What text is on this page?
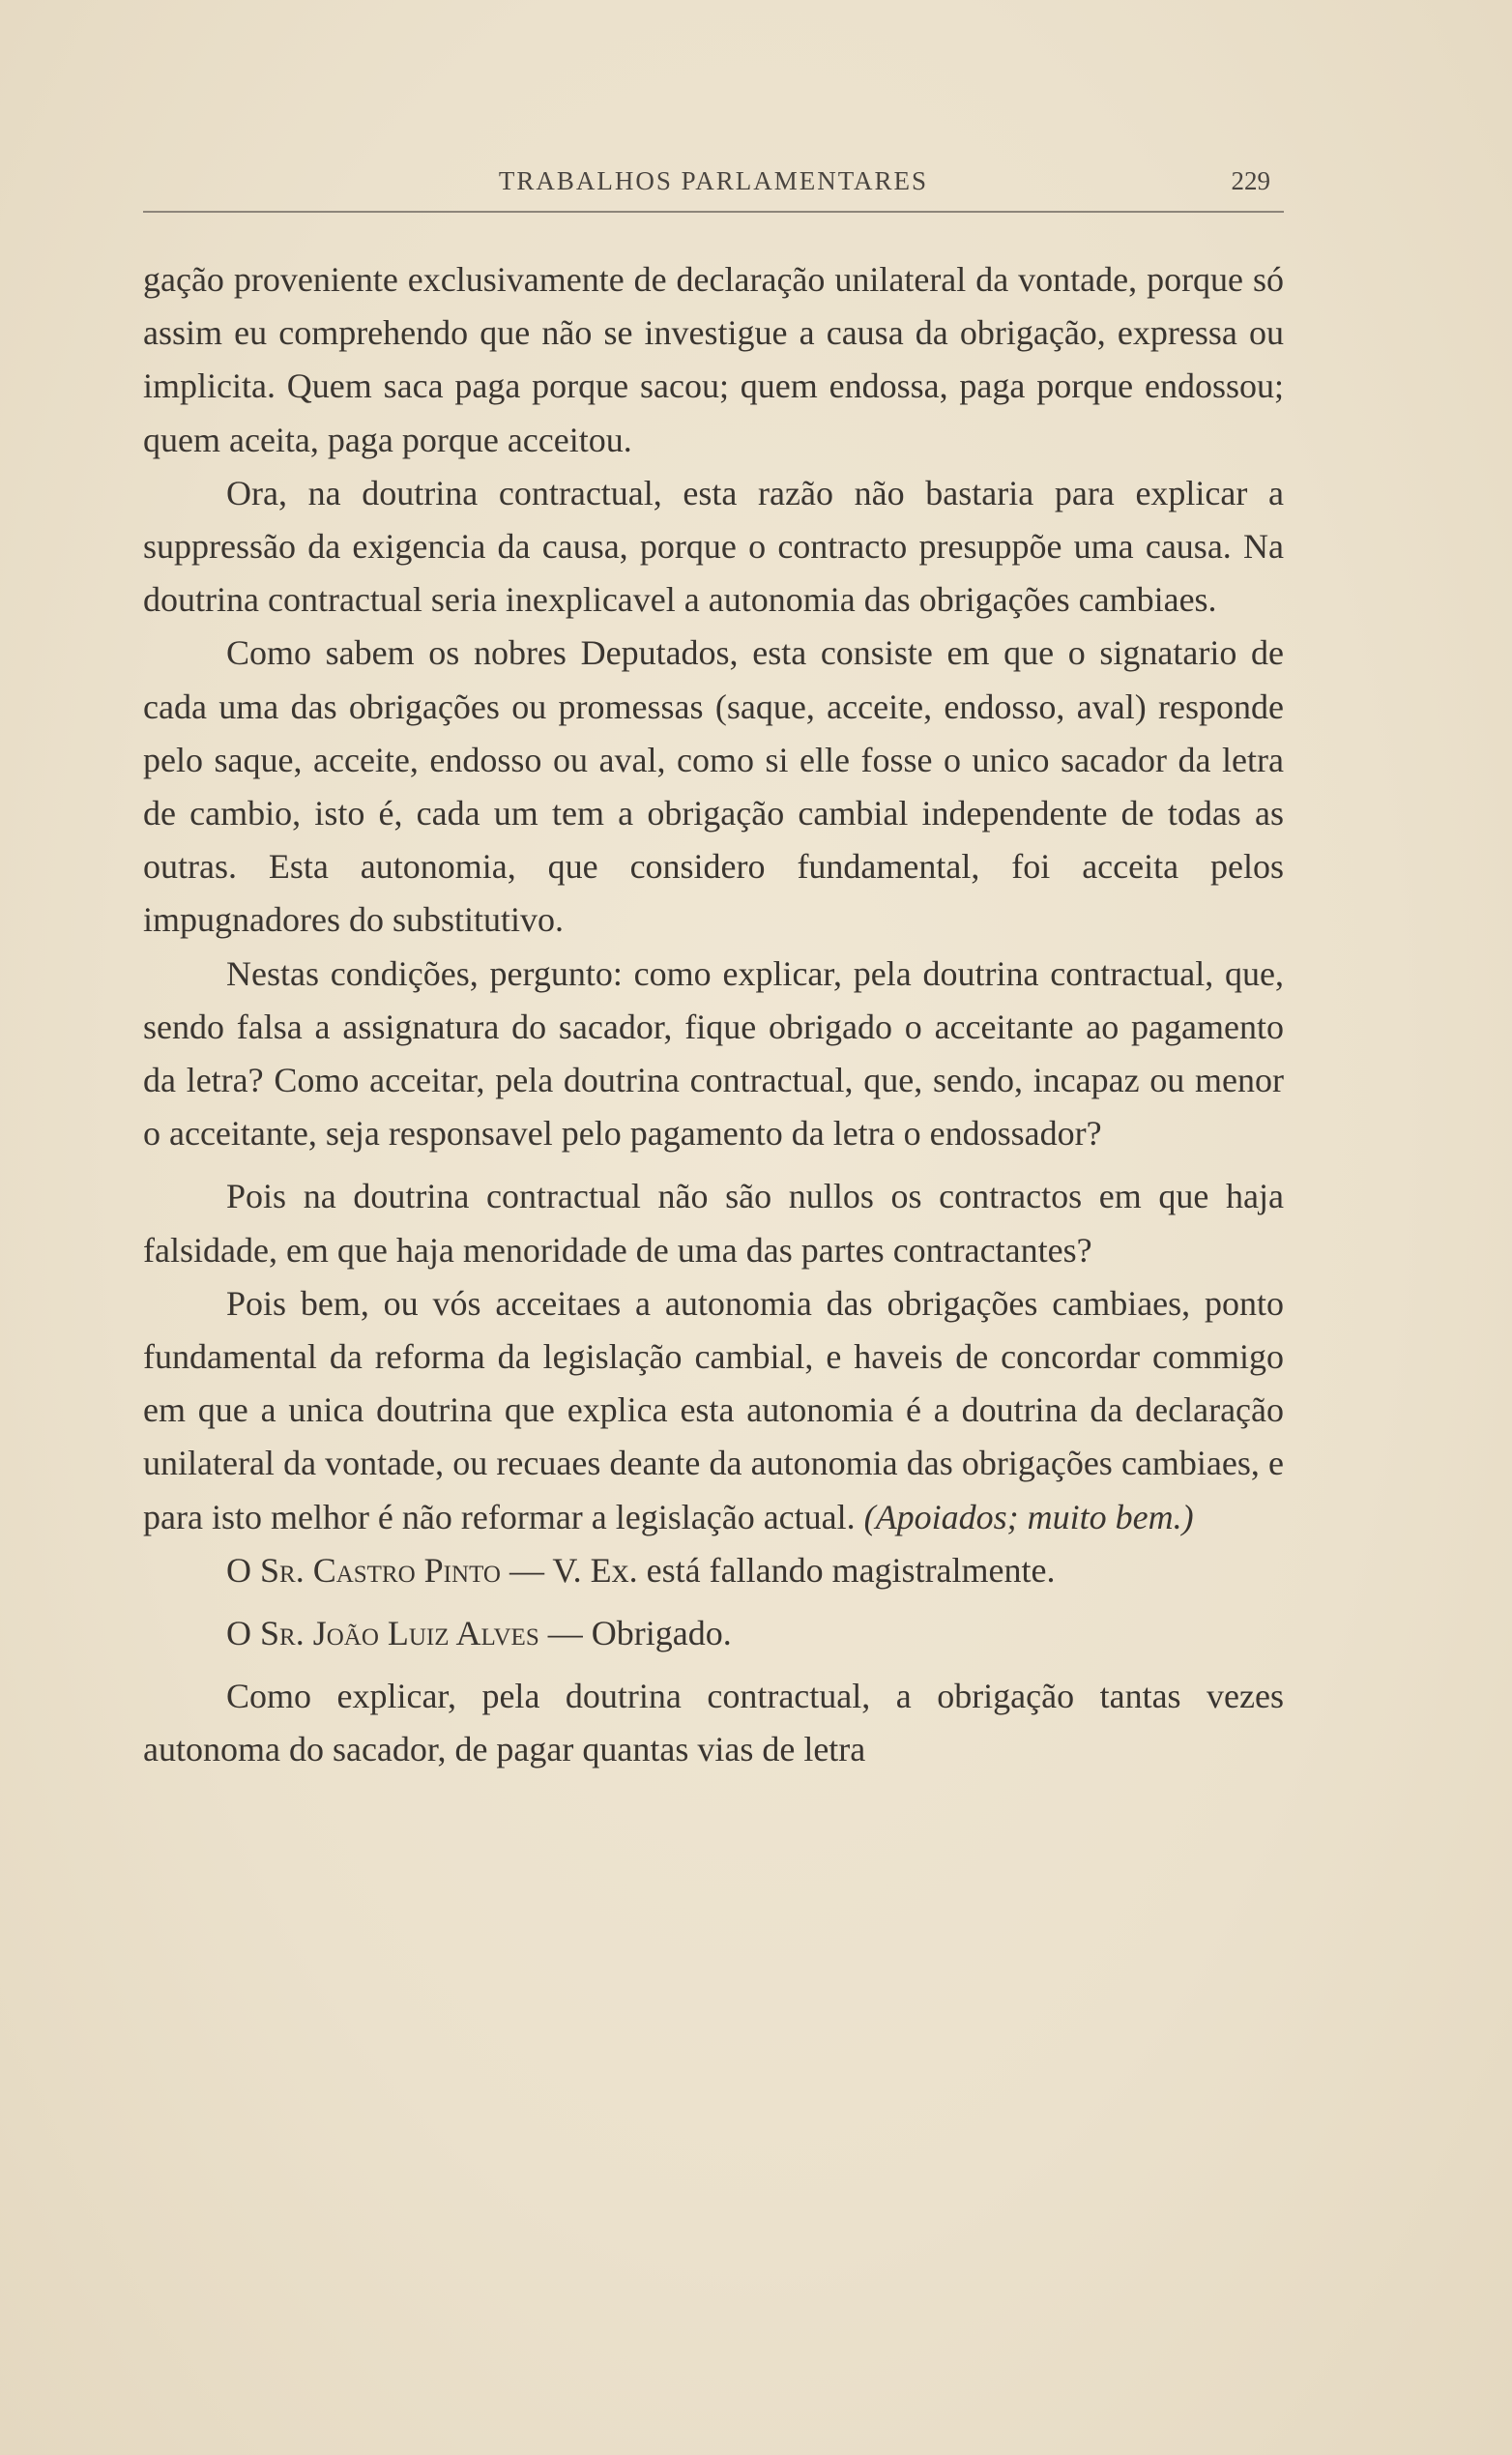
TRABALHOS PARLAMENTARES	229

gação proveniente exclusivamente de declaração unilateral da vontade, porque só assim eu comprehendo que não se investigue a causa da obrigação, expressa ou implicita. Quem saca paga porque sacou; quem endossa, paga porque endossou; quem aceita, paga porque acceitou.

Ora, na doutrina contractual, esta razão não bastaria para explicar a suppressão da exigencia da causa, porque o contracto presuppõe uma causa. Na doutrina contractual seria inexplicavel a autonomia das obrigações cambiaes.

Como sabem os nobres Deputados, esta consiste em que o signatario de cada uma das obrigações ou promessas (saque, acceite, endosso, aval) responde pelo saque, acceite, endosso ou aval, como si elle fosse o unico sacador da letra de cambio, isto é, cada um tem a obrigação cambial independente de todas as outras. Esta autonomia, que considero fundamental, foi acceita pelos impugnadores do substitutivo.

Nestas condições, pergunto: como explicar, pela doutrina contractual, que, sendo falsa a assignatura do sacador, fique obrigado o acceitante ao pagamento da letra? Como acceitar, pela doutrina contractual, que, sendo, incapaz ou menor o acceitante, seja responsavel pelo pagamento da letra o endossador?

Pois na doutrina contractual não são nullos os contractos em que haja falsidade, em que haja menoridade de uma das partes contractantes?

Pois bem, ou vós acceitaes a autonomia das obrigações cambiaes, ponto fundamental da reforma da legislação cambial, e haveis de concordar commigo em que a unica doutrina que explica esta autonomia é a doutrina da declaração unilateral da vontade, ou recuaes deante da autonomia das obrigações cambiaes, e para isto melhor é não reformar a legislação actual. (Apoiados; muito bem.)

O Sr. Castro Pinto — V. Ex. está fallando magistralmente.

O Sr. João Luiz Alves — Obrigado.

Como explicar, pela doutrina contractual, a obrigação tantas vezes autonoma do sacador, de pagar quantas vias de letra
